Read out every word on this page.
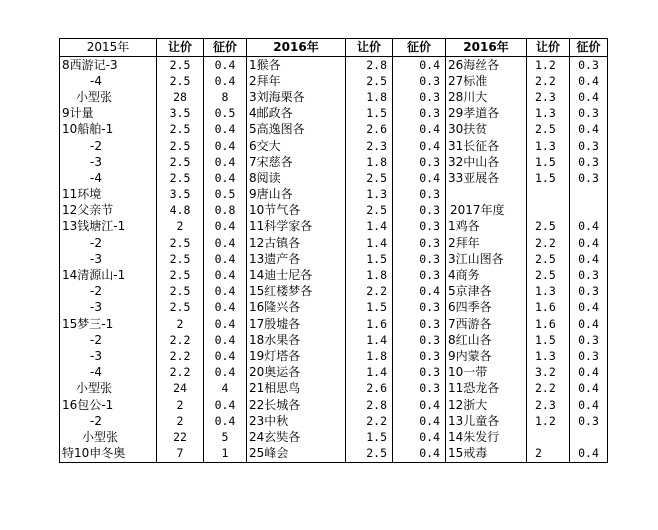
2015年	让价	征价	2016年	让价	征价	2016年	让价	征价
8西游记-3	2.5	0.4	1猴各	2.8	0.4	26海丝各	1.2	0.3
-4	2.5	0.4	2拜年	2.5	0.3	27标准	2.2	0.4
小型张	28	8	3刘海栗各	1.8	0.3	28川大	2.3	0.4
9计量	3.5	0.5	4邮政各	1.5	0.3	29孝道各	1.3	0.3
10船舶-1	2.5	0.4	5高逸图各	2.6	0.4	30扶贫	2.5	0.4
-2	2.5	0.4	6交大	2.3	0.4	31长征各	1.3	0.3
-3	2.5	0.4	7宋慈各	1.8	0.3	32中山各	1.5	0.3
-4	2.5	0.4	8阅读	2.5	0.4	33亚展各	1.5	0.3
11环境	3.5	0.5	9唐山各	1.3	0.3			
12父亲节	4.8	0.8	10节气各	2.5	0.3	2017年度		
13钱塘江-1	2	0.4	11科学家各	1.4	0.3	1鸡各	2.5	0.4
-2	2.5	0.4	12古镇各	1.4	0.3	2拜年	2.2	0.4
-3	2.5	0.4	13遗产各	1.5	0.3	3江山图各	2.5	0.4
14清源山-1	2.5	0.4	14迪士尼各	1.8	0.3	4商务	2.5	0.3
-2	2.5	0.4	15红楼梦各	2.2	0.4	5京津各	1.3	0.3
-3	2.5	0.4	16隆兴各	1.5	0.3	6四季各	1.6	0.4
15梦三-1	2	0.4	17殷墟各	1.6	0.3	7西游各	1.6	0.4
-2	2.2	0.4	18水果各	1.4	0.3	8红山各	1.5	0.3
-3	2.2	0.4	19灯塔各	1.8	0.3	9内蒙各	1.3	0.3
-4	2.2	0.4	20奥运各	1.4	0.3	10一带	3.2	0.4
小型张	24	4	21相思鸟	2.6	0.3	11恐龙各	2.2	0.4
16包公-1	2	0.4	22长城各	2.8	0.4	12浙大	2.3	0.4
-2	2	0.4	23中秋	2.2	0.4	13儿童各	1.2	0.3
小型张	22	5	24玄奘各	1.5	0.4	14朱发行		
特10申冬奥	7	1	25峰会	2.5	0.4	15戒毒	2	0.4
